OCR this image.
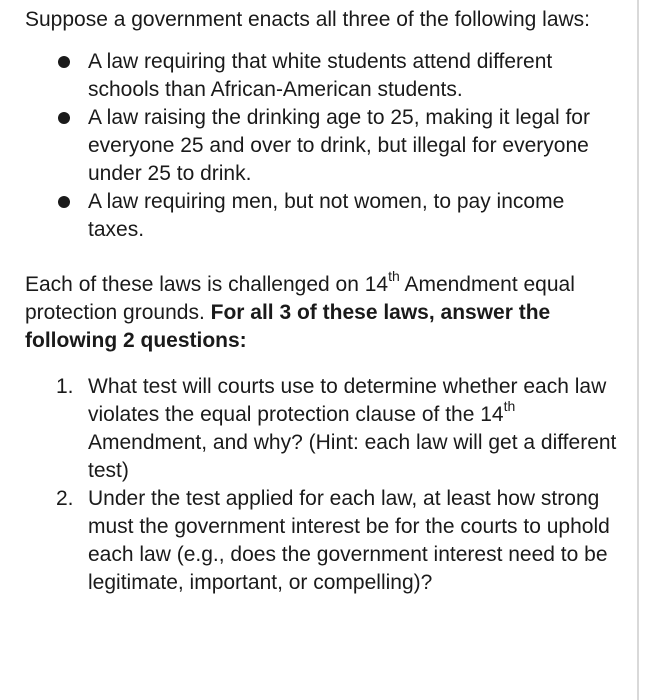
Suppose a government enacts all three of the following laws:

A law requiring that white students attend different schools than African-American students.
A law raising the drinking age to 25, making it legal for everyone 25 and over to drink, but illegal for everyone under 25 to drink.
A law requiring men, but not women, to pay income taxes.

Each of these laws is challenged on 14th Amendment equal protection grounds. For all 3 of these laws, answer the following 2 questions:

1. What test will courts use to determine whether each law violates the equal protection clause of the 14th Amendment, and why? (Hint: each law will get a different test)
2. Under the test applied for each law, at least how strong must the government interest be for the courts to uphold each law (e.g., does the government interest need to be legitimate, important, or compelling)?
